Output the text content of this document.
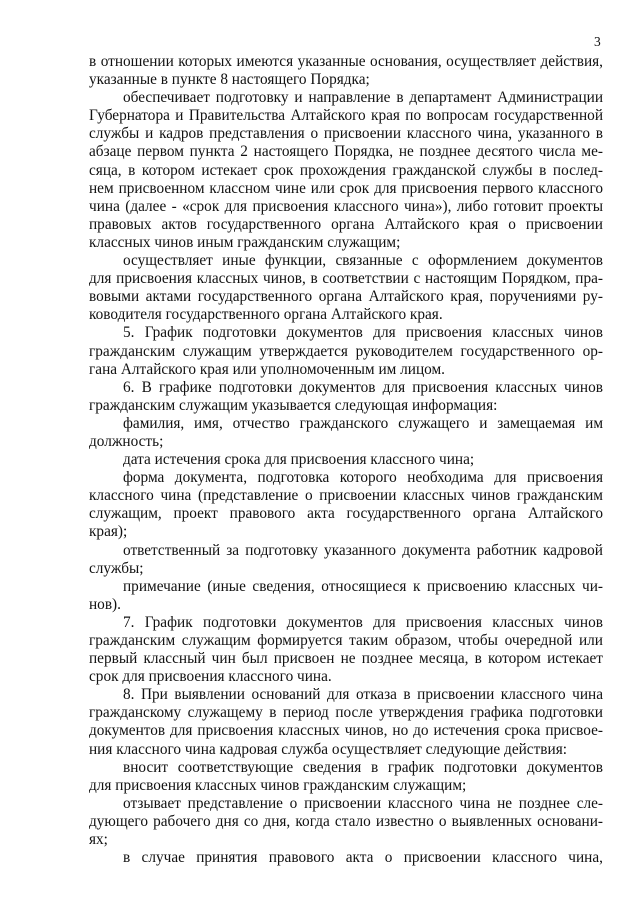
3
в отношении которых имеются указанные основания, осуществляет действия,
указанные в пункте 8 настоящего Порядка;
обеспечивает подготовку и направление в департамент Администрации
Губернатора и Правительства Алтайского края по вопросам государственной
службы и кадров представления о присвоении классного чина, указанного в
абзаце первом пункта 2 настоящего Порядка, не позднее десятого числа ме-
сяца, в котором истекает срок прохождения гражданской службы в послед-
нем присвоенном классном чине или срок для присвоения первого классного
чина (далее - «срок для присвоения классного чина»), либо готовит проекты
правовых актов государственного органа Алтайского края о присвоении
классных чинов иным гражданским служащим;
осуществляет иные функции, связанные с оформлением документов
для присвоения классных чинов, в соответствии с настоящим Порядком, пра-
вовыми актами государственного органа Алтайского края, поручениями ру-
ководителя государственного органа Алтайского края.
5. График подготовки документов для присвоения классных чинов
гражданским служащим утверждается руководителем государственного ор-
гана Алтайского края или уполномоченным им лицом.
6. В графике подготовки документов для присвоения классных чинов
гражданским служащим указывается следующая информация:
фамилия, имя, отчество гражданского служащего и замещаемая им
должность;
дата истечения срока для присвоения классного чина;
форма документа, подготовка которого необходима для присвоения
классного чина (представление о присвоении классных чинов гражданским
служащим, проект правового акта государственного органа Алтайского
края);
ответственный за подготовку указанного документа работник кадровой
службы;
примечание (иные сведения, относящиеся к присвоению классных чи-
нов).
7. График подготовки документов для присвоения классных чинов
гражданским служащим формируется таким образом, чтобы очередной или
первый классный чин был присвоен не позднее месяца, в котором истекает
срок для присвоения классного чина.
8. При выявлении оснований для отказа в присвоении классного чина
гражданскому служащему в период после утверждения графика подготовки
документов для присвоения классных чинов, но до истечения срока присвое-
ния классного чина кадровая служба осуществляет следующие действия:
вносит соответствующие сведения в график подготовки документов
для присвоения классных чинов гражданским служащим;
отзывает представление о присвоении классного чина не позднее сле-
дующего рабочего дня со дня, когда стало известно о выявленных основани-
ях;
в случае принятия правового акта о присвоении классного чина,
